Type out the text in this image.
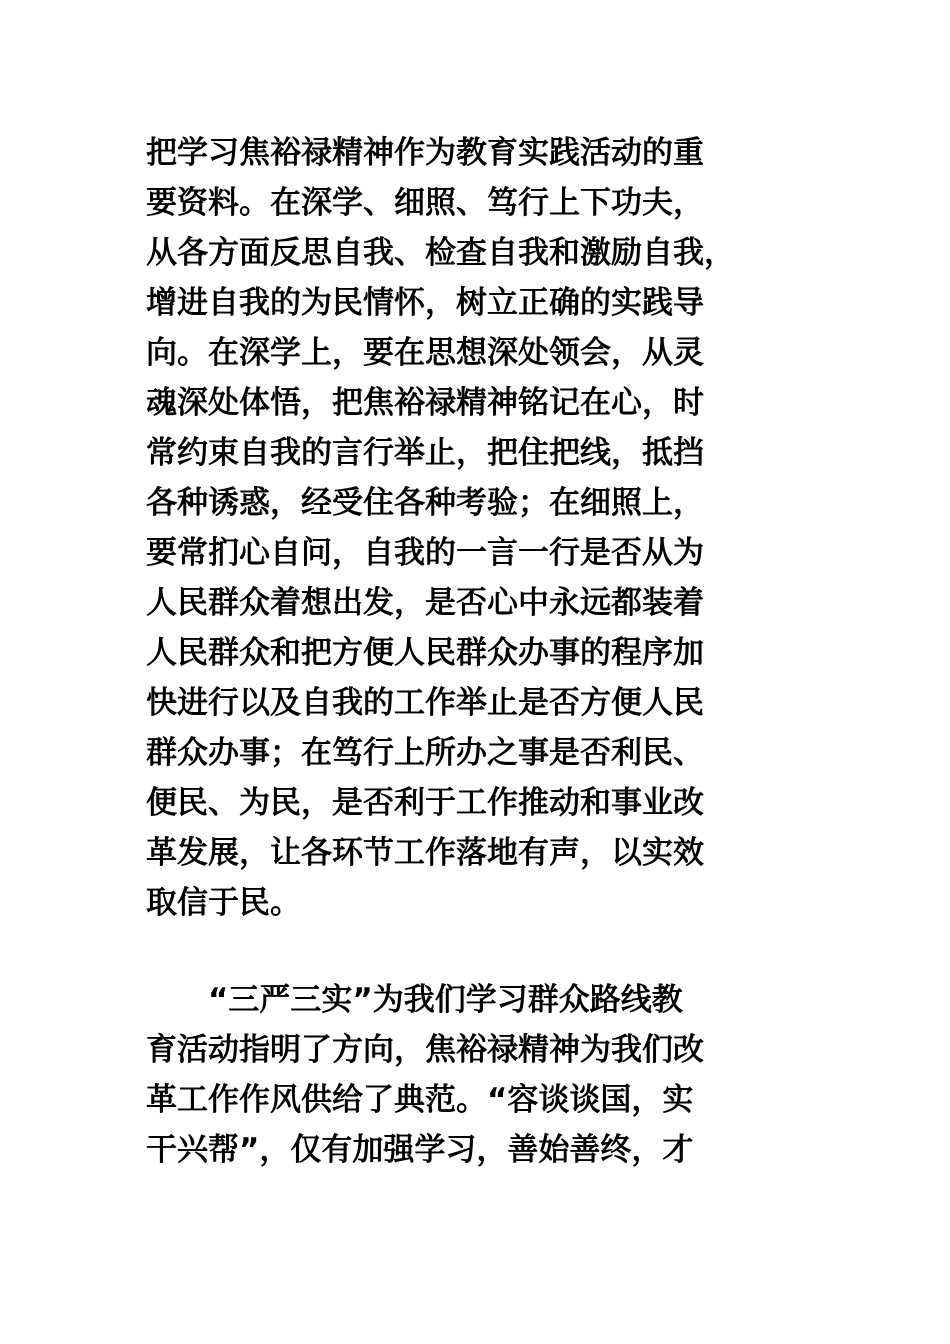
把学习焦裕禄精神作为教育实践活动的重
要资料。在深学、细照、笃行上下功夫，
从各方面反思自我、检查自我和激励自我，
增进自我的为民情怀，树立正确的实践导
向。在深学上，要在思想深处领会，从灵
魂深处体悟，把焦裕禄精神铭记在心，时
常约束自我的言行举止，把住把线，抵挡
各种诱惑，经受住各种考验；在细照上，
要常扪心自问，自我的一言一行是否从为
人民群众着想出发，是否心中永远都装着
人民群众和把方便人民群众办事的程序加
快进行以及自我的工作举止是否方便人民
群众办事；在笃行上所办之事是否利民、
便民、为民，是否利于工作推动和事业改
革发展，让各环节工作落地有声，以实效
取信于民。
“三严三实”为我们学习群众路线教
育活动指明了方向，焦裕禄精神为我们改
革工作作风供给了典范。“容谈谈国，实
干兴帮”，仅有加强学习，善始善终，才
